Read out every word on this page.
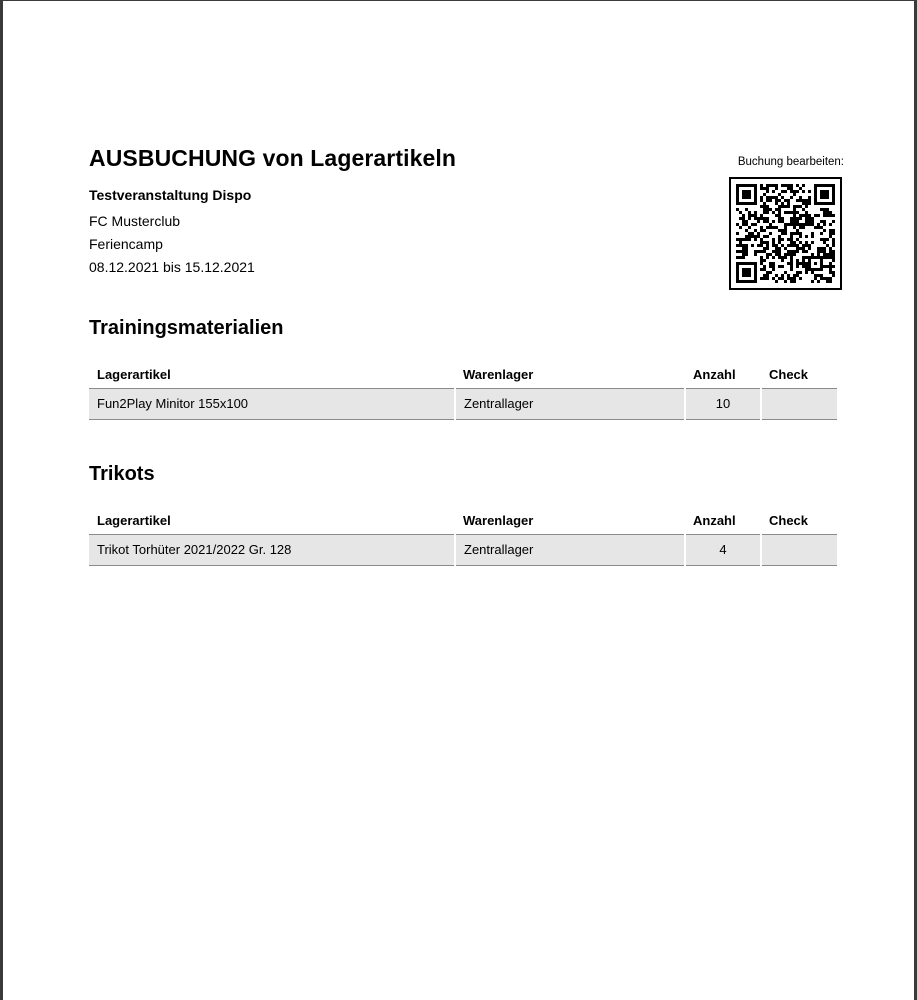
AUSBUCHUNG von Lagerartikeln
Testveranstaltung Dispo
FC Musterclub
Feriencamp
08.12.2021 bis 15.12.2021
Buchung bearbeiten:
Trainingsmaterialien
Lagerartikel	Warenlager	Anzahl	Check
Fun2Play Minitor 155x100	Zentrallager	10	
Trikots
Lagerartikel	Warenlager	Anzahl	Check
Trikot Torhüter 2021/2022 Gr. 128	Zentrallager	4	
